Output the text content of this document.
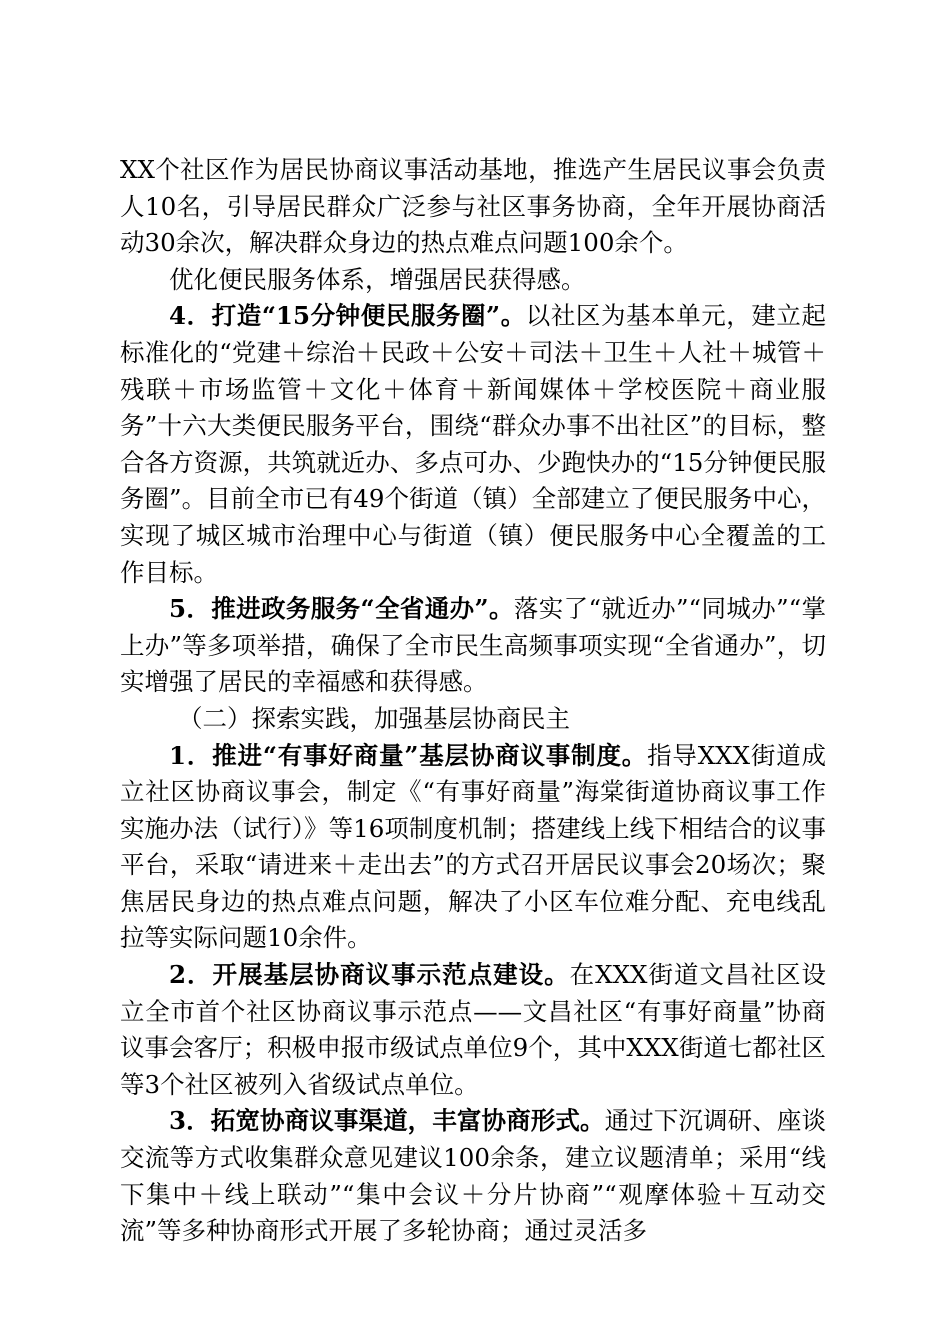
XX个社区作为居民协商议事活动基地，推选产生居民议事会负责人10名，引导居民群众广泛参与社区事务协商，全年开展协商活动30余次，解决群众身边的热点难点问题100余个。

优化便民服务体系，增强居民获得感。

4．打造“15分钟便民服务圈”。以社区为基本单元，建立起标准化的“党建＋综治＋民政＋公安＋司法＋卫生＋人社＋城管＋残联＋市场监管＋文化＋体育＋新闻媒体＋学校医院＋商业服务”十六大类便民服务平台，围绕“群众办事不出社区”的目标，整合各方资源，共筑就近办、多点可办、少跑快办的“15分钟便民服务圈”。目前全市已有49个街道（镇）全部建立了便民服务中心，实现了城区城市治理中心与街道（镇）便民服务中心全覆盖的工作目标。

5．推进政务服务“全省通办”。落实了“就近办”“同城办”“掌上办”等多项举措，确保了全市民生高频事项实现“全省通办”，切实增强了居民的幸福感和获得感。

（二）探索实践，加强基层协商民主

1．推进“有事好商量”基层协商议事制度。指导XXX街道成立社区协商议事会，制定《“有事好商量”海棠街道协商议事工作实施办法（试行）》等16项制度机制；搭建线上线下相结合的议事平台，采取“请进来＋走出去”的方式召开居民议事会20场次；聚焦居民身边的热点难点问题，解决了小区车位难分配、充电线乱拉等实际问题10余件。

2．开展基层协商议事示范点建设。在XXX街道文昌社区设立全市首个社区协商议事示范点——文昌社区“有事好商量”协商议事会客厅；积极申报市级试点单位9个，其中XXX街道七都社区等3个社区被列入省级试点单位。

3．拓宽协商议事渠道，丰富协商形式。通过下沉调研、座谈交流等方式收集群众意见建议100余条，建立议题清单；采用“线下集中＋线上联动”“集中会议＋分片协商”“观摩体验＋互动交流”等多种协商形式开展了多轮协商；通过灵活多
